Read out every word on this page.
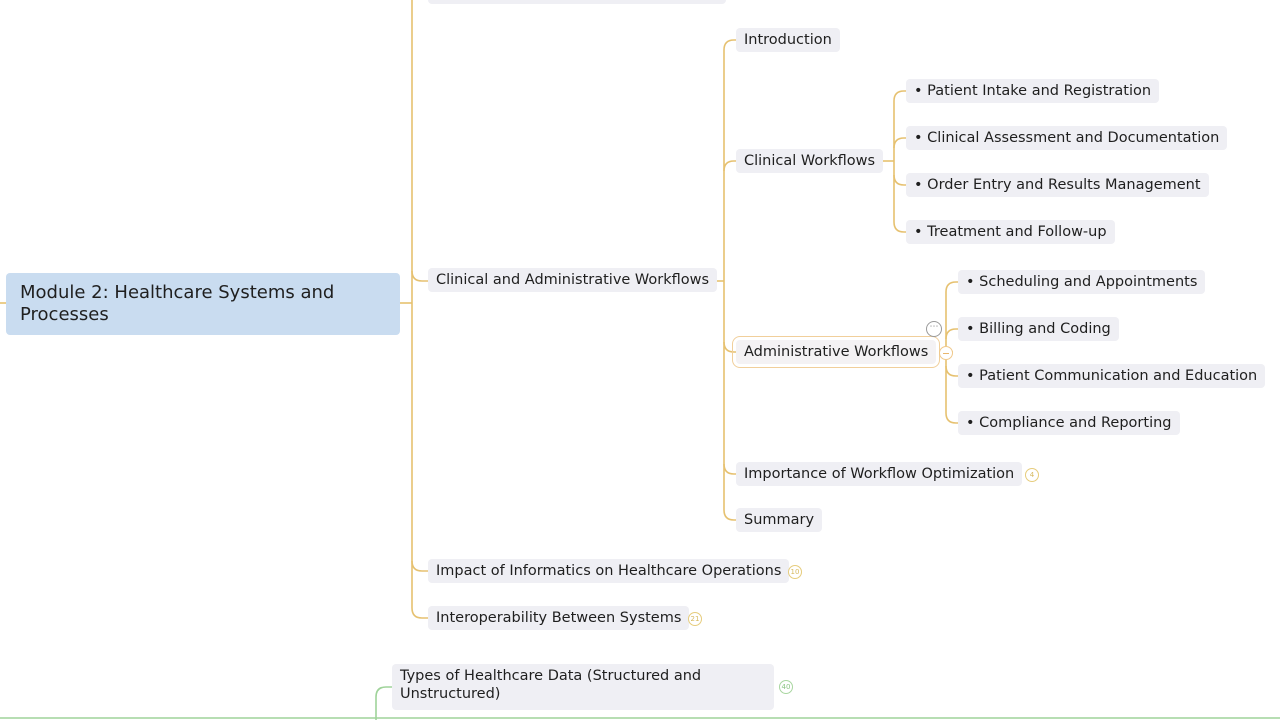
Module 2: Healthcare Systems and Processes
Clinical and Administrative Workflows
Impact of Informatics on Healthcare Operations	10
Interoperability Between Systems	21
Introduction
Clinical Workflows
Administrative Workflows
⋯
Importance of Workflow Optimization	4
Summary
• Patient Intake and Registration
• Clinical Assessment and Documentation
• Order Entry and Results Management
• Treatment and Follow-up
• Scheduling and Appointments
• Billing and Coding
• Patient Communication and Education
• Compliance and Reporting
Types of Healthcare Data (Structured and Unstructured)	40
